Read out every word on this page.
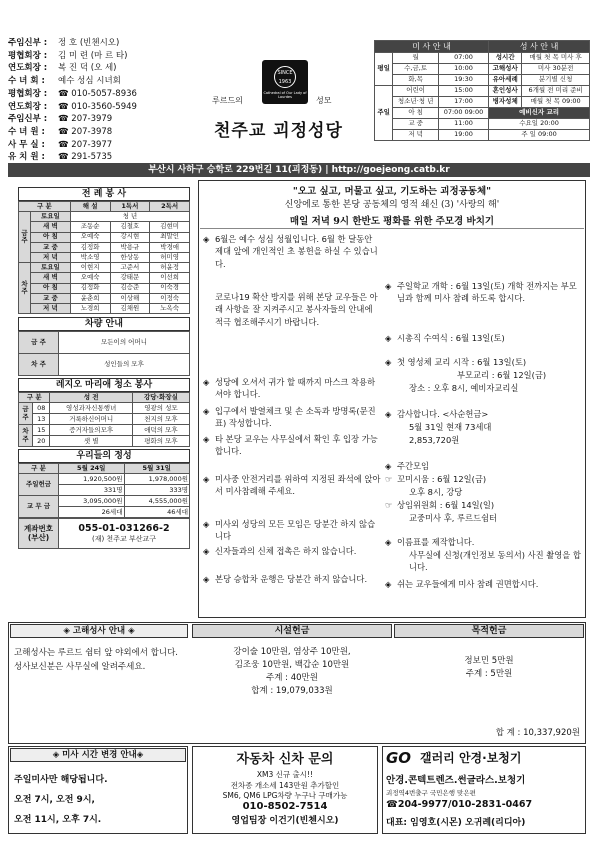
주임신부 :	정 호 (빈첸시오)
평협회장 :	김 미 련 (마 르 타)
연도회장 :	복 진 덕 (오 세)
수 녀 회 :	예수 성심 시녀회
평협회장 :	☎ 010-5057-8936
연도회장 :	☎ 010-3560-5949
주임신부 :	☎ 207-3979
수 녀 원 :	☎ 207-3978
사 무 실 :	☎ 207-3977
유 치 원 :	☎ 291-5735
SINCE
1963
Cathedral of Our Lady of Lourdes
루르드의	성모
천주교 괴정성당
미 사 안 내			성 사 안 내	
평일	월	07:00	성시간	매월 첫 목 미사 후
	수,금,토	10:00	고해성사	미사 30분전
	화,목	19:30	유아세례	분기별 신청
주일	어린이	15:00	혼인성사	6개월 전 미리 준비
	청소년·청 년	17:00	병자성체	매월 첫 목 09:00
	아 침	07:00 09:00	예비신자 교리	
	교 중	11:00	수요일 20:00	
	저 녁	19:00	주 일 09:00	
부산시 사하구 승학로 229번길 11(괴정동) | http://goejeong.catb.kr
전 례 봉 사
구 분		해 설	1독서	2독서
금주	토요일	청 년		
	새 벽	조동순	김철호	김현미
	아 침	오예숙	강시현	최말인
	교 중	김정화	박용규	박경애
	저 녁	박소영	한상동	허미영
차주	토요일	이현지	고준서	허윤정
	새 벽	오예숙	강태문	이선희
	아 침	김정화	김승준	이숙경
	교 중	윤춘희	이상해	이정숙
	저 녁	노경희	김채원	노옥숙
차량 안내
금 주	모든이의 어머니
차 주	성인들의 모후
레지오 마리애 청소 봉사
구 분		성 전	강당·화장실
금주	08	영성과자신통행녀	영광의 성모
	13	거룩하신어머니	천지의 모후
차주	15	증거자들의모후	애덕의 모후
	20	샛 별	평화의 모후
우리들의 정성
구 분	5월 24일	5월 31일
주일헌금	1,920,500원	1,978,000원
	331명	333명
교 무 금	3,095,000원	4,555,000원
	26세대	46세대
계좌번호 (부산)	
055-01-031266-2
(재) 천주교 부산교구
"오고 싶고, 머물고 싶고, 기도하는 괴정공동체"
신앙에로 통한 본당 공동체의 영적 쇄신 (3) '사랑의 해'
매일 저녁 9시 한반도 평화를 위한 주모경 바치기
◈ 6월은 예수 성심 성월입니다. 6월 한 달동안 제대 앞에 개인적인 초 봉헌을 하실 수 있습니다.
코로나19 확산 방지를 위해 본당 교우들은 아래 사항을 잘 지켜주시고 봉사자들의 안내에 적극 협조해주시기 바랍니다.
◈ 성당에 오셔서 귀가 할 때까지 마스크 착용하셔야 합니다.
◈ 입구에서 발열체크 및 손 소독과 방명록(문진표) 작성합니다.
◈ 타 본당 교우는 사무실에서 확인 후 입장 가능합니다.
◈ 미사중 안전거리를 위하여 지정된 좌석에 앉아서 미사참례해 주세요.
◈ 미사외 성당의 모든 모임은 당분간 하지 않습니다
◈ 신자들과의 신체 접촉은 하지 않습니다.
◈ 본당 승합차 운행은 당분간 하지 않습니다.
◈ 주일학교 개학 : 6월 13일(토) 개학 전까지는 부모님과 함께 미사 참례 하도록 합시다.
◈ 시총직 수여식 : 6월 13일(토)
◈ 첫 영성체 교리 시작 : 6월 13일(토)
부모교리 : 6월 12일(금)
장소 : 오후 8시, 예비자교리실
◈ 감사합니다. <사순헌금>
5월 31일 현재 73세대
2,853,720원
◈ 주간모임
☞ 꼬미시움 : 6월 12일(금)
오후 8시, 강당
☞ 상임위원회 : 6월 14일(일)
교중미사 후, 루르드쉼터
◈ 이름표를 제작합니다.
사무실에 신청(개인정보 동의서) 사진 촬영을 합니다.
◈ 쉬는 교우들에게 미사 참례 권면합시다.
◈ 고해성사 안내 ◈
고해성사는 루르드 쉼터 앞 야외에서 합니다. 성사보신분은 사무실에 알려주세요.
시설헌금
강이술 10만원, 염상주 10만원,
김조웅 10만원, 백갑순 10만원
주계 : 40만원
합계 : 19,079,033원
목적헌금
정보민 5만원
주계 : 5만원
합 계 : 10,337,920원
◈ 미사 시간 변경 안내◈
주일미사만 해당됩니다.
오전 7시, 오전 9시,
오전 11시, 오후 7시.
자동차 신차 문의
XM3 신규 출시!!
전차종 개소세 143만원 추가할인
SM6, QM6 LPG차량 누구나 구매가능
010-8502-7514
영업팀장 이건기(빈첸시오)
GO 갤러리 안경·보청기
안경.콘텍트렌즈.썬글라스.보청기
괴정역4번출구 국민은행 맞은편
☎204-9977/010-2831-0467
대표: 임영호(시몬) 오귀례(리디아)
